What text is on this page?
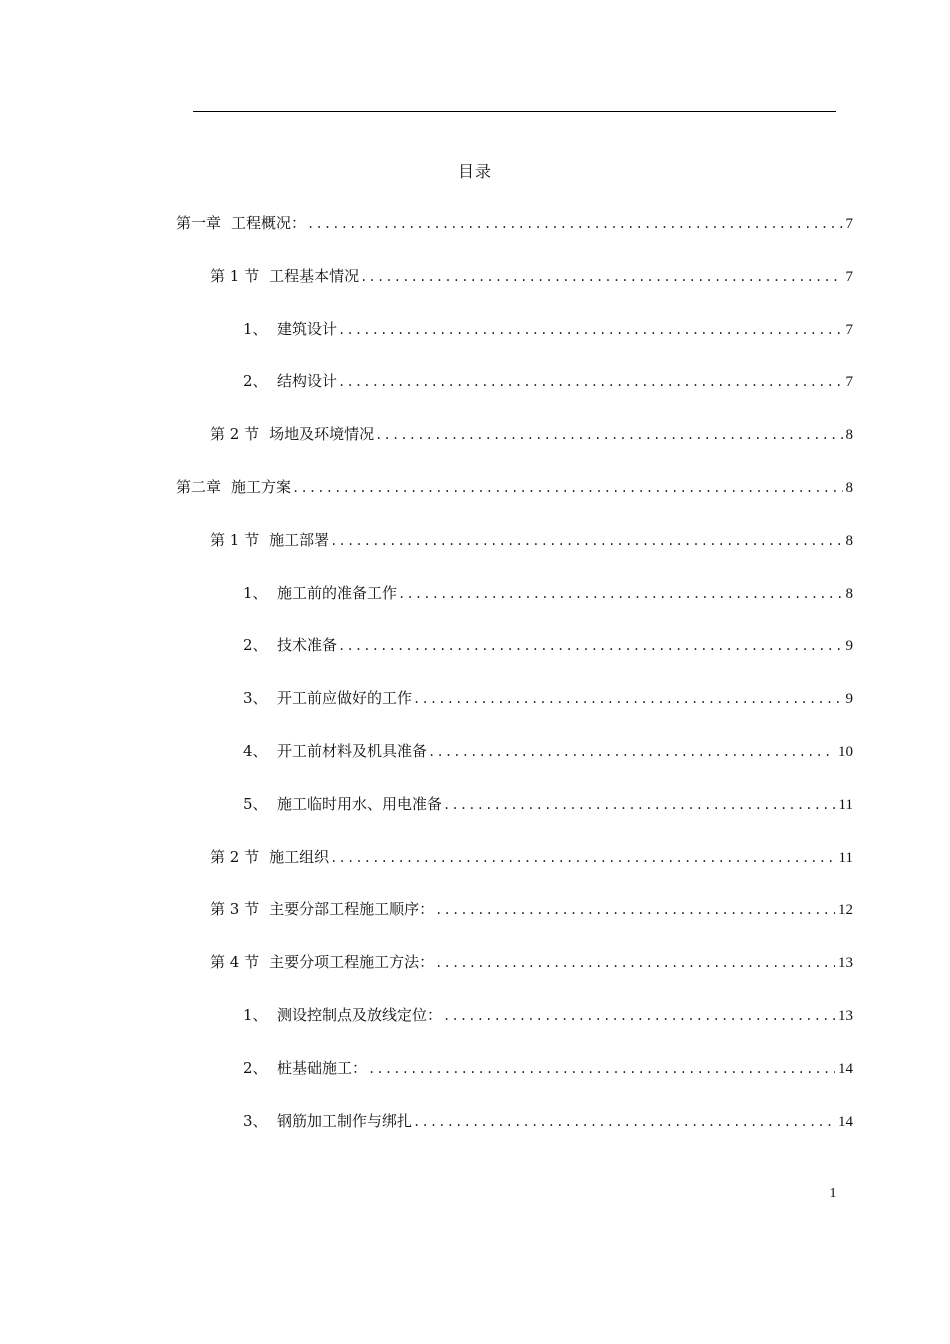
目录
第一章 工程概况： .....	7
第 1 节 工程基本情况 .....	7
1、 建筑设计 .....	7
2、 结构设计 .....	7
第 2 节 场地及环境情况 .....	8
第二章 施工方案 .....	8
第 1 节 施工部署 .....	8
1、 施工前的准备工作 .....	8
2、 技术准备 .....	9
3、 开工前应做好的工作 .....	9
4、 开工前材料及机具准备 .....	10
5、 施工临时用水、用电准备 .....	11
第 2 节 施工组织 .....	11
第 3 节 主要分部工程施工顺序： .....	12
第 4 节 主要分项工程施工方法： .....	13
1、 测设控制点及放线定位： .....	13
2、 桩基础施工： .....	14
3、 钢筋加工制作与绑扎 .....	14
1
